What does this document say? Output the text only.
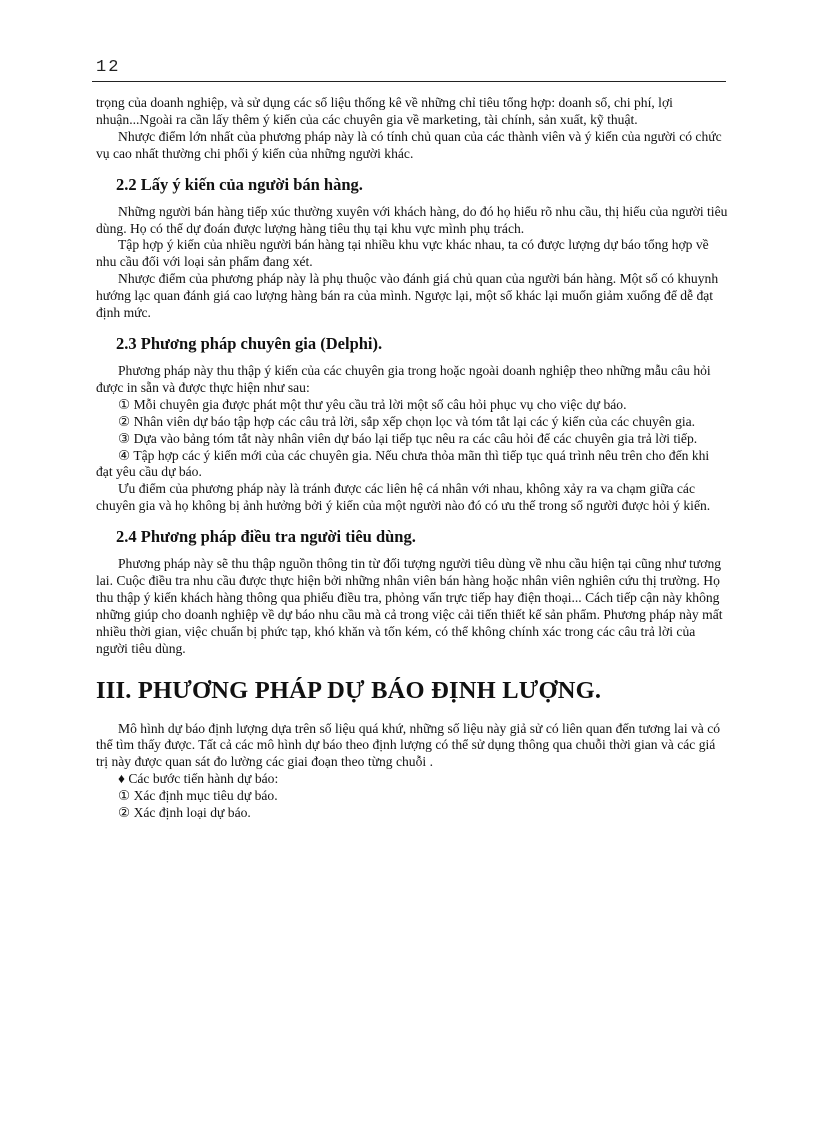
12

trọng của doanh nghiệp, và sử dụng các số liệu thống kê về những chỉ tiêu tổng hợp: doanh số, chi phí, lợi nhuận...Ngoài ra cần lấy thêm ý kiến của các chuyên gia về marketing, tài chính, sản xuất, kỹ thuật.

Nhược điểm lớn nhất của phương pháp này là có tính chủ quan của các thành viên và ý kiến của người có chức vụ cao nhất thường chi phối ý kiến của những người khác.

2.2 Lấy ý kiến của người bán hàng.

Những người bán hàng tiếp xúc thường xuyên với khách hàng, do đó họ hiểu rõ nhu cầu, thị hiếu của người tiêu dùng. Họ có thể dự đoán được lượng hàng tiêu thụ tại khu vực mình phụ trách.

Tập hợp ý kiến của nhiều người bán hàng tại nhiều khu vực khác nhau, ta có được lượng dự báo tổng hợp về nhu cầu đối với loại sản phẩm đang xét.

Nhược điểm của phương pháp này là phụ thuộc vào đánh giá chủ quan của người bán hàng. Một số có khuynh hướng lạc quan đánh giá cao lượng hàng bán ra của mình. Ngược lại, một số khác lại muốn giảm xuống để dễ đạt định mức.

2.3 Phương pháp chuyên gia (Delphi).

Phương pháp này thu thập ý kiến của các chuyên gia trong hoặc ngoài doanh nghiệp theo những mẫu câu hỏi được in sẵn và được thực hiện như sau:

① Mỗi chuyên gia được phát một thư yêu cầu trả lời một số câu hỏi phục vụ cho việc dự báo.

② Nhân viên dự báo tập hợp các câu trả lời, sắp xếp chọn lọc và tóm tắt lại các ý kiến của các chuyên gia.

③ Dựa vào bảng tóm tắt này nhân viên dự báo lại tiếp tục nêu ra các câu hỏi để các chuyên gia trả lời tiếp.

④ Tập hợp các ý kiến mới của các chuyên gia. Nếu chưa thỏa mãn thì tiếp tục quá trình nêu trên cho đến khi đạt yêu cầu dự báo.

Ưu điểm của phương pháp này là tránh được các liên hệ cá nhân với nhau, không xảy ra va chạm giữa các chuyên gia và họ không bị ảnh hưởng bởi ý kiến của một người nào đó có ưu thế trong số người được hỏi ý kiến.

2.4 Phương pháp điều tra người tiêu dùng.

Phương pháp này sẽ thu thập nguồn thông tin từ đối tượng người tiêu dùng về nhu cầu hiện tại cũng như tương lai. Cuộc điều tra nhu cầu được thực hiện bởi những nhân viên bán hàng hoặc nhân viên nghiên cứu thị trường. Họ thu thập ý kiến khách hàng thông qua phiếu điều tra, phỏng vấn trực tiếp hay điện thoại... Cách tiếp cận này không những giúp cho doanh nghiệp về dự báo nhu cầu mà cả trong việc cải tiến thiết kế sản phẩm. Phương pháp này mất nhiều thời gian, việc chuẩn bị phức tạp, khó khăn và tốn kém, có thể không chính xác trong các câu trả lời của người tiêu dùng.

III. PHƯƠNG PHÁP DỰ BÁO ĐỊNH LƯỢNG.

Mô hình dự báo định lượng dựa trên số liệu quá khứ, những số liệu này giả sử có liên quan đến tương lai và có thể tìm thấy được. Tất cả các mô hình dự báo theo định lượng có thể sử dụng thông qua chuỗi thời gian và các giá trị này được quan sát đo lường các giai đoạn theo từng chuỗi .

♦ Các bước tiến hành dự báo:

① Xác định mục tiêu dự báo.

② Xác định loại dự báo.
